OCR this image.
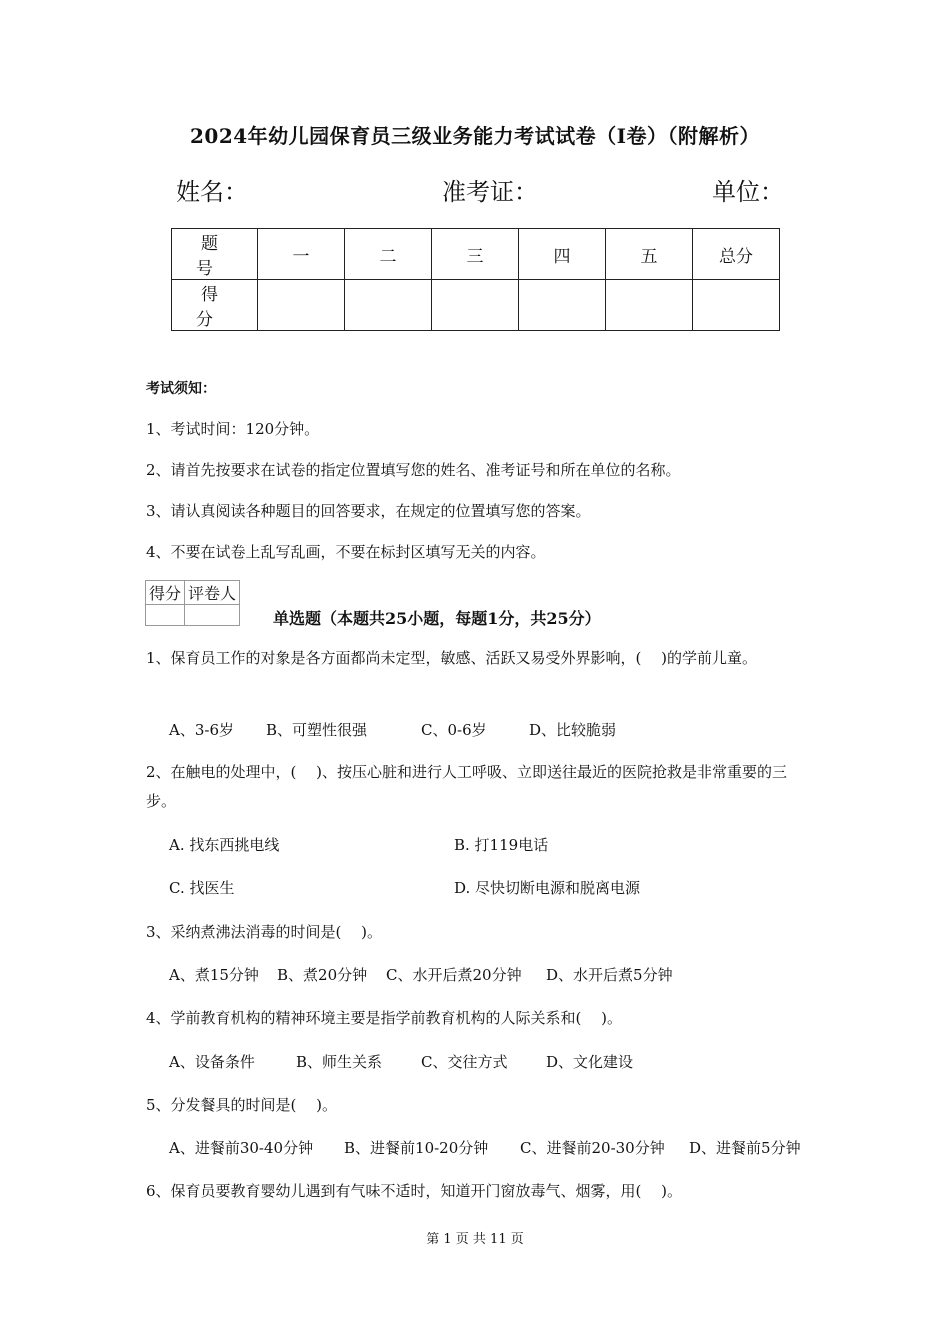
2024年幼儿园保育员三级业务能力考试试卷（I卷）（附解析）
姓名：	准考证：	单位：
题 号	一	二	三	四	五	总分
得 分						
考试须知：
1、考试时间：120分钟。
2、请首先按要求在试卷的指定位置填写您的姓名、准考证号和所在单位的名称。
3、请认真阅读各种题目的回答要求，在规定的位置填写您的答案。
4、不要在试卷上乱写乱画，不要在标封区填写无关的内容。
得分	评卷人

单选题（本题共25小题，每题1分，共25分）
1、保育员工作的对象是各方面都尚未定型，敏感、活跃又易受外界影响，(　 )的学前儿童。
A、3-6岁 B、可塑性很强	C、0-6岁	D、比较脆弱
2、在触电的处理中，(　 )、按压心脏和进行人工呼吸、立即送往最近的医院抢救是非常重要的三步。
A. 找东西挑电线	B. 打119电话
C. 找医生	D. 尽快切断电源和脱离电源
3、采纳煮沸法消毒的时间是(　 )。
A、煮15分钟 B、煮20分钟 C、水开后煮20分钟 D、水开后煮5分钟
4、学前教育机构的精神环境主要是指学前教育机构的人际关系和(　 )。
A、设备条件	B、师生关系	C、交往方式	D、文化建设
5、分发餐具的时间是(　 )。
A、进餐前30-40分钟 B、进餐前10-20分钟 C、进餐前20-30分钟 D、进餐前5分钟
6、保育员要教育婴幼儿遇到有气味不适时，知道开门窗放毒气、烟雾，用(　 )。
第 1 页 共 11 页
